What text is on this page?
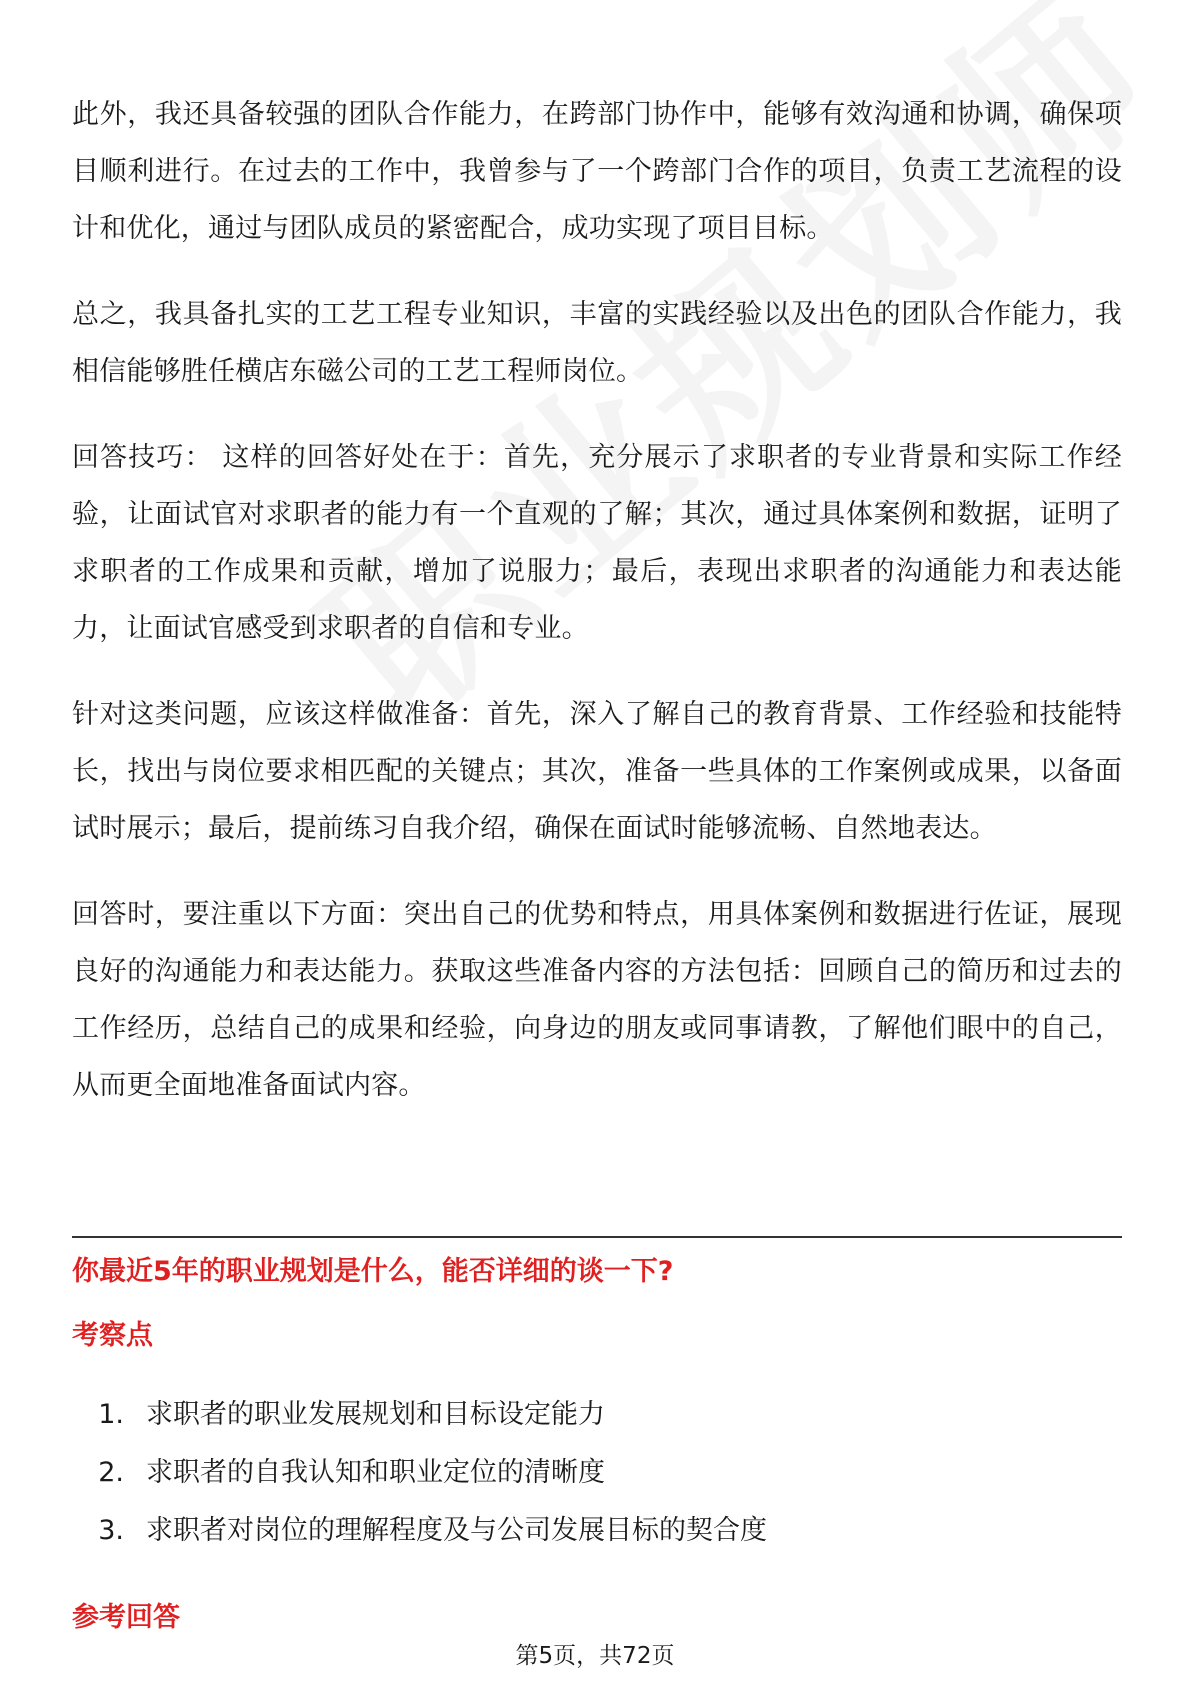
此外，我还具备较强的团队合作能力，在跨部门协作中，能够有效沟通和协调，确保项目顺利进行。在过去的工作中，我曾参与了一个跨部门合作的项目，负责工艺流程的设计和优化，通过与团队成员的紧密配合，成功实现了项目目标。

总之，我具备扎实的工艺工程专业知识，丰富的实践经验以及出色的团队合作能力，我相信能够胜任横店东磁公司的工艺工程师岗位。

回答技巧： 这样的回答好处在于：首先，充分展示了求职者的专业背景和实际工作经验，让面试官对求职者的能力有一个直观的了解；其次，通过具体案例和数据，证明了求职者的工作成果和贡献，增加了说服力；最后，表现出求职者的沟通能力和表达能力，让面试官感受到求职者的自信和专业。

针对这类问题，应该这样做准备：首先，深入了解自己的教育背景、工作经验和技能特长，找出与岗位要求相匹配的关键点；其次，准备一些具体的工作案例或成果，以备面试时展示；最后，提前练习自我介绍，确保在面试时能够流畅、自然地表达。

回答时，要注重以下方面：突出自己的优势和特点，用具体案例和数据进行佐证，展现良好的沟通能力和表达能力。获取这些准备内容的方法包括：回顾自己的简历和过去的工作经历，总结自己的成果和经验，向身边的朋友或同事请教，了解他们眼中的自己，从而更全面地准备面试内容。

你最近5年的职业规划是什么，能否详细的谈一下?
考察点
1. 求职者的职业发展规划和目标设定能力
2. 求职者的自我认知和职业定位的清晰度
3. 求职者对岗位的理解程度及与公司发展目标的契合度
参考回答
第5页，共72页
